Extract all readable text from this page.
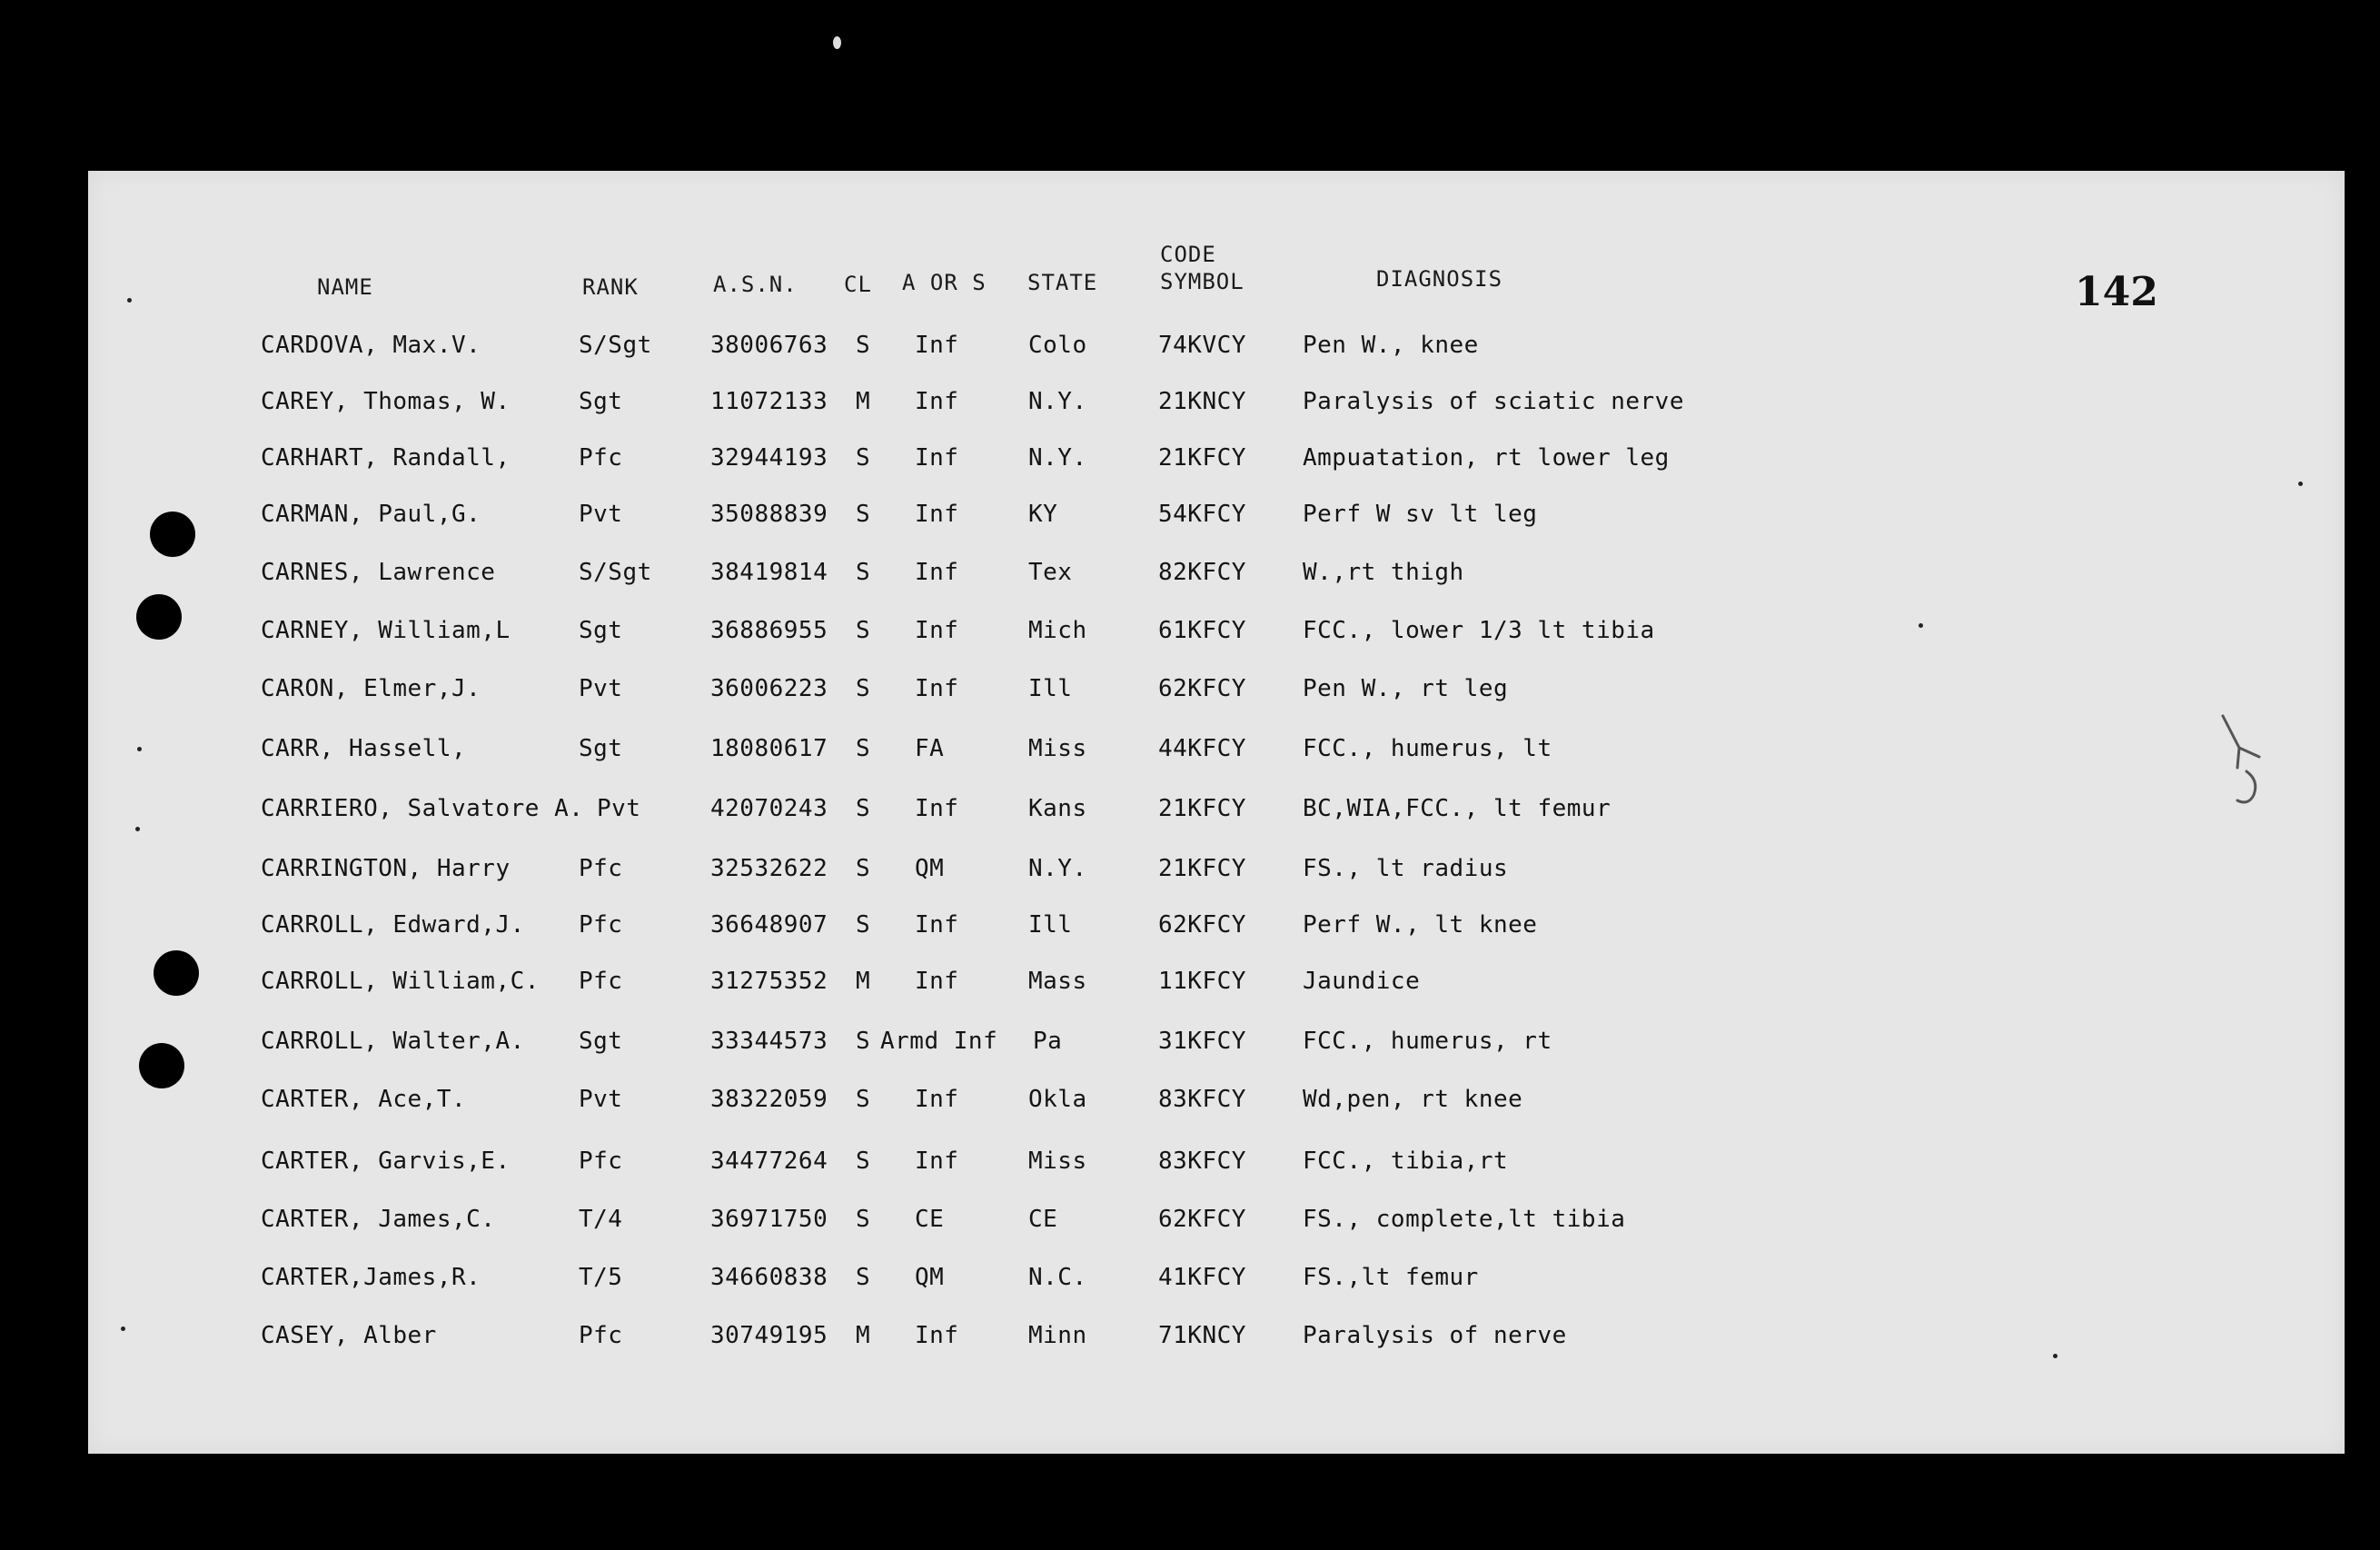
NAME	RANK	A.S.N. CL A OR S STATE
CODE
SYMBOL	DIAGNOSIS	142
CARDOVA, Max.V.	S/Sgt 38006763 S Inf	Colo	74KVCY Pen W., knee
CAREY, Thomas, W.	Sgt	11072133 M Inf	N.Y.	21KNCY Paralysis of sciatic nerve
CARHART, Randall,	Pfc	32944193 S Inf	N.Y.	21KFCY Ampuatation, rt lower leg
CARMAN, Paul,G.	Pvt	35088839 S Inf	KY	54KFCY Perf W sv lt leg
CARNES, Lawrence	S/Sgt 38419814 S Inf	Tex	82KFCY W.,rt thigh
CARNEY, William,L	Sgt	36886955 S Inf	Mich	61KFCY FCC., lower 1/3 lt tibia
CARON, Elmer,J.	Pvt	36006223 S Inf	Ill	62KFCY Pen W., rt leg
CARR, Hassell,	Sgt	18080617 S FA	Miss	44KFCY FCC., humerus, lt
CARRIERO, Salvatore A. Pvt	42070243 S Inf	Kans	21KFCY BC,WIA,FCC., lt femur
CARRINGTON, Harry	Pfc	32532622 S QM	N.Y.	21KFCY FS., lt radius
CARROLL, Edward,J. Pfc	36648907 S Inf	Ill	62KFCY Perf W., lt knee
CARROLL, William,C. Pfc	31275352 M Inf	Mass	11KFCY Jaundice
CARROLL, Walter,A. Sgt	33344573 S Armd Inf Pa	31KFCY FCC., humerus, rt
CARTER, Ace,T.	Pvt	38322059 S Inf	Okla	83KFCY Wd,pen, rt knee
CARTER, Garvis,E.	Pfc	34477264 S Inf	Miss	83KFCY FCC., tibia,rt
CARTER, James,C.	T/4	36971750 S CE	CE	62KFCY FS., complete,lt tibia
CARTER,James,R.	T/5	34660838 S QM	N.C.	41KFCY FS.,lt femur
CASEY, Alber	Pfc	30749195 M Inf	Minn	71KNCY Paralysis of nerve
